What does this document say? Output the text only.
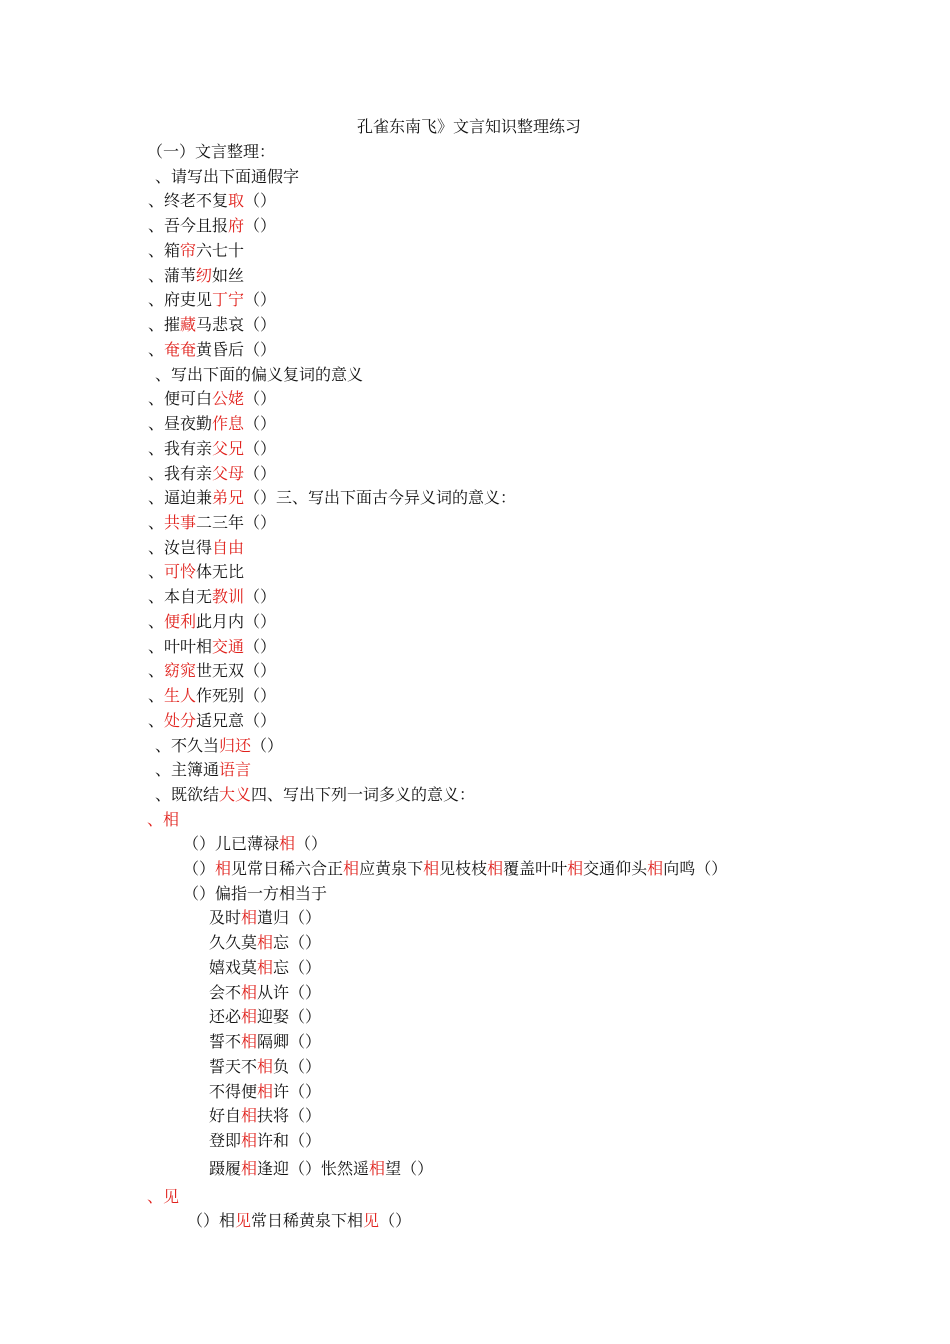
孔雀东南飞》文言知识整理练习
（一）文言整理：
、请写出下面通假字
、终老不复取（）
、吾今且报府（）
、箱帘六七十
、蒲苇纫如丝
、府吏见丁宁（）
、摧藏马悲哀（）
、奄奄黄昏后（）
、写出下面的偏义复词的意义
、便可白公姥（）
、昼夜勤作息（）
、我有亲父兄（）
、我有亲父母（）
、逼迫兼弟兄（）三、写出下面古今异义词的意义：
、共事二三年（）
、汝岂得自由
、可怜体无比
、本自无教训（）
、便利此月内（）
、叶叶相交通（）
、窈窕世无双（）
、生人作死别（）
、处分适兄意（）
、不久当归还（）
、主簿通语言
、既欲结大义四、写出下列一词多义的意义：
、相
（）儿已薄禄相（）
（）相见常日稀六合正相应黄泉下相见枝枝相覆盖叶叶相交通仰头相向鸣（）
（）偏指一方相当于
及时相遣归（）
久久莫相忘（）
嬉戏莫相忘（）
会不相从许（）
还必相迎娶（）
誓不相隔卿（）
誓天不相负（）
不得便相许（）
好自相扶将（）
登即相许和（）
蹑履相逢迎（）怅然遥相望（）
、见
（）相见常日稀黄泉下相见（）
